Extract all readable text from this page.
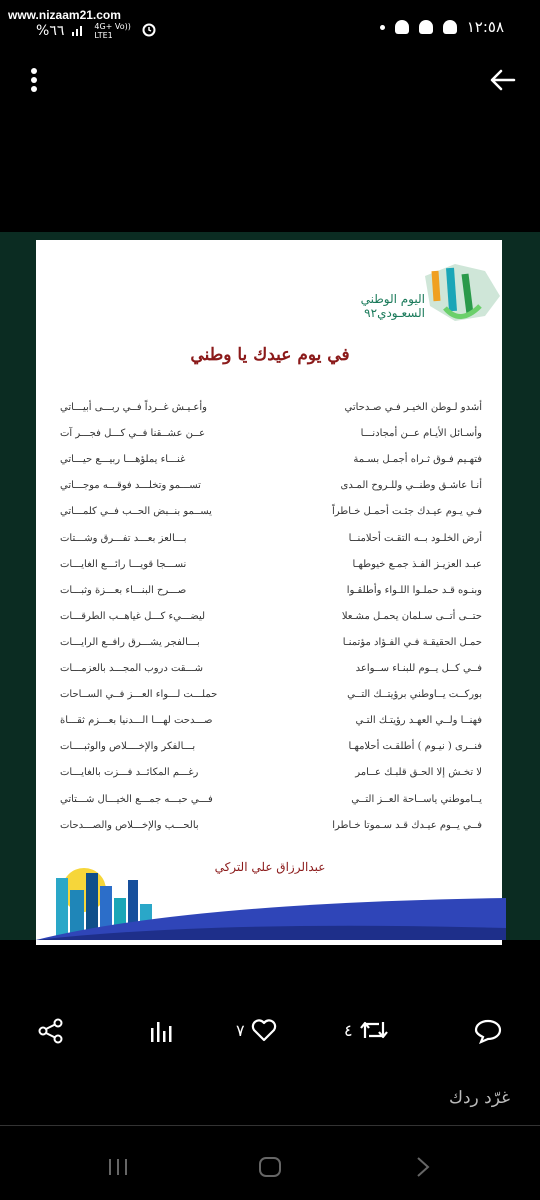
www.nizaam21.com
%٦٦	4G+ Vo)) LTE1	١٢:٥٨
اليوم الوطني
السعـودي٩٢
في يوم عيدك يا وطني
أشدو لـوطن الخيـر فـي صـدحاتي
وأعـيـش غــرداً فــي ربـــى أبيـــاتي
وأسـائل الأيـام عــن أمجادنـــا
عــن عشــقنا فــي كـــل فجـــر آت
فتهـيم فـوق ثـراه أجمـل بسـمة
غنـــاء يملؤهـــا ربيـــع حيـــاتي
أنـا عاشـق وطنــي وللـروح المـدى
تســـمو وتخلـــد فوقـــه موجـــاتي
فـي يـوم عيـدك جئـت أحمـل خـاطراً
يســمو بنــبض الحــب فــي كلمـــاتي
أرض الخلـود بــه التقـت أحلامنــا
بـــالعز بعـــد تفـــرق وشـــتات
عبـد العزيـز الفـذ جمـع خيوطهـا
نســـجا قويـــا رائـــع الغايـــات
وبنـوه قـد حملـوا اللـواء وأطلقـوا
صـــرح البنـــاء بعـــزة وثبـــات
حتــى أتــى سـلمان يحمـل مشـعلا
ليضـــيء كـــل غياهــب الطرقـــات
حمـل الحقيقـة فـي الفـؤاد مؤتمنـا
بـــالفجر يشـــرق رافــع الرايـــات
فــي كــل يــوم للبنـاء ســواعد
شـــقت دروب المجـــد بالعزمـــات
بوركــت يــاوطني برؤيتــك التــي
حملـــت لـــواء العـــز فــي الســاحات
فهنــا ولــي العهـد رؤيتـك التـي
صـــدحت لهـــا الـــدنيا بعـــزم ثقـــاة
فنــرى ( نيـوم ) أطلقـت أحلامهـا
بـــالفكر والإخــــلاص والوثبــــات
لا تخـش إلا الحـق قلبـك عــامر
رغـــم المكائــد فـــزت بالغايـــات
يــاموطني ياســاحة العــز التــي
فـــي حبـــه جمـــع الخيـــال شـــتاتي
فــي يــوم عيـدك قـد سـموتا خـاطرا
بالحـــب والإخـــلاص والصـــدحات
عبدالرزاق علي التركي
٧	٤
غرّد ردك
